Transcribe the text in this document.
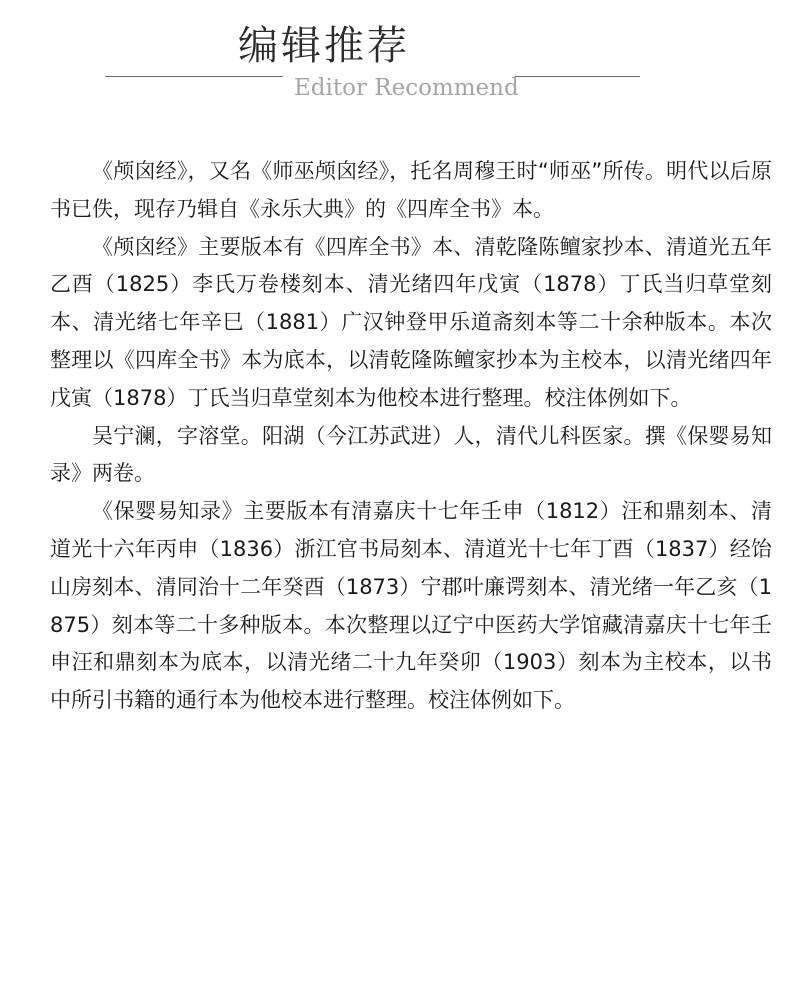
编辑推荐
Editor Recommend

《颅囟经》，又名《师巫颅囟经》，托名周穆王时“师巫”所传。明代以后原书已佚，现存乃辑自《永乐大典》的《四库全书》本。

《颅囟经》主要版本有《四库全书》本、清乾隆陈鳣家抄本、清道光五年乙酉（1825）李氏万卷楼刻本、清光绪四年戊寅（1878）丁氏当归草堂刻本、清光绪七年辛巳（1881）广汉钟登甲乐道斋刻本等二十余种版本。本次整理以《四库全书》本为底本，以清乾隆陈鳣家抄本为主校本，以清光绪四年戊寅（1878）丁氏当归草堂刻本为他校本进行整理。校注体例如下。

吴宁澜，字溶堂。阳湖（今江苏武进）人，清代儿科医家。撰《保婴易知录》两卷。

《保婴易知录》主要版本有清嘉庆十七年壬申（1812）汪和鼎刻本、清道光十六年丙申（1836）浙江官书局刻本、清道光十七年丁酉（1837）经饴山房刻本、清同治十二年癸酉（1873）宁郡叶廉谔刻本、清光绪一年乙亥（1875）刻本等二十多种版本。本次整理以辽宁中医药大学馆藏清嘉庆十七年壬申汪和鼎刻本为底本，以清光绪二十九年癸卯（1903）刻本为主校本，以书中所引书籍的通行本为他校本进行整理。校注体例如下。
